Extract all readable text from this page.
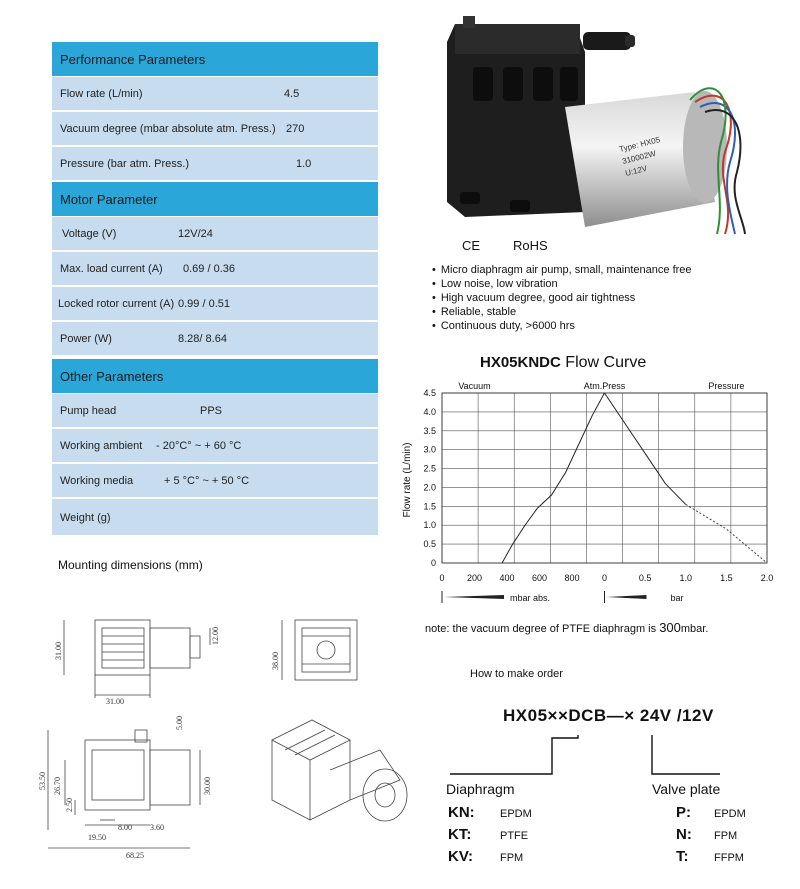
Performance Parameters
Flow rate (L/min)	4.5
Vacuum degree (mbar absolute atm. Press.) 270
Pressure (bar atm. Press.)	1.0
Motor Parameter
Voltage (V)	12V/24
Max. load current (A) 0.69 / 0.36
Locked rotor current (A) 0.99 / 0.51
Power (W)	8.28/ 8.64
Other Parameters
Pump head	PPS
Working ambient - 20°C° ~ + 60 °C
Working media	+ 5 °C° ~ + 50 °C
Weight (g)
Type: HX05
310002W
U:12V
CE	RoHS
• Micro diaphragm air pump, small, maintenance free
• Low noise, low vibration
• High vacuum degree, good air tightness
• Reliable, stable
• Continuous duty, >6000 hrs
HX05KNDC Flow Curve
0
0.5
1.0
1.5
2.0
2.5
3.0
3.5
4.0
4.5
0 200 400 600 800 0	0.5	1.0	1.5	2.0
Vacuum	Atm.Press	Pressure
Flow rate (L/min)
mbar abs.	bar
note: the vacuum degree of PTFE diaphragm is 300mbar.
How to make order
HX05××DCB—× 24V /12V
Diaphragm	Valve plate
KN: EPDM
KT:	PTFE
KV: FPM
P: EPDM
N: FPM
T: FFPM
Mounting dimensions (mm)
31.00
31.00
12.00
38.00
5.00
53.50 26.70
2.50
30.00
8.00 3.60
19.50
68.25
